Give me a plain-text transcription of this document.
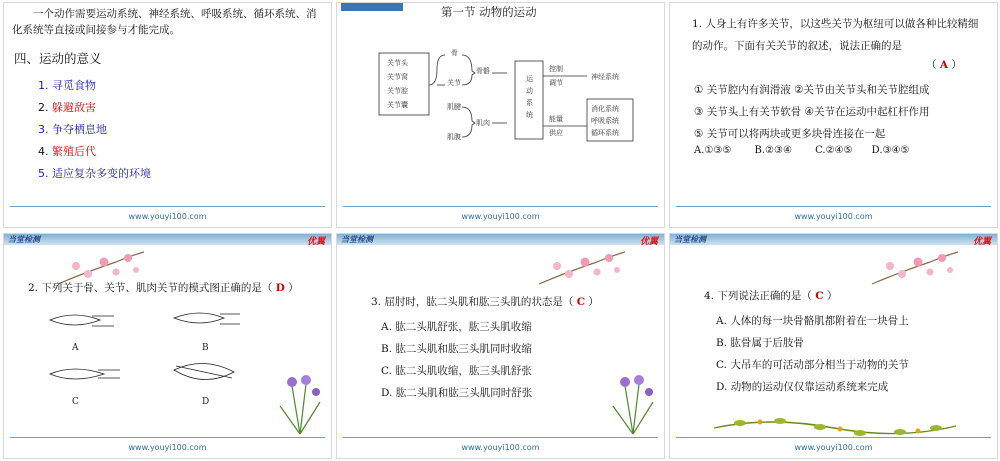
一个动作需要运动系统、神经系统、呼吸系统、循环系统、消化系统等直接或间接参与才能完成。
四、运动的意义
1. 寻觅食物
2. 躲避敌害
3. 争夺栖息地
4. 繁殖后代
5. 适应复杂多变的环境
www.youyi100.com
第一节 动物的运动
关节头
关节窝
关节腔
关节囊
骨
关节
骨骼
肌腱
肌腹
肌肉
控制
调节
神经系统
能量
供应
消化系统
呼吸系统
循环系统
运
动
系
统
www.youyi100.com
1. 人身上有许多关节，以这些关节为枢纽可以做各种比较精细的动作。下面有关关节的叙述，说法正确的是
（ A ）
① 关节腔内有润滑液 ②关节由关节头和关节腔组成
③ 关节头上有关节软骨 ④关节在运动中起杠杆作用
⑤ 关节可以将两块或更多块骨连接在一起
A.①③⑤ B.②③④ C.②④⑤ D.③④⑤
www.youyi100.com
当堂检测	优翼
2. 下列关于骨、关节、肌肉关节的模式图正确的是（ D ）
A	B
C	D
www.youyi100.com
当堂检测	优翼
3. 屈肘时，肱二头肌和肱三头肌的状态是（ C ）
A. 肱二头肌舒张，肱三头肌收缩
B. 肱二头肌和肱三头肌同时收缩
C. 肱二头肌收缩，肱三头肌舒张
D. 肱二头肌和肱三头肌同时舒张
www.youyi100.com
当堂检测	优翼
4. 下列说法正确的是（ C ）
A. 人体的每一块骨骼肌都附着在一块骨上
B. 肱骨属于后肢骨
C. 大吊车的可活动部分相当于动物的关节
D. 动物的运动仅仅靠运动系统来完成
www.youyi100.com
